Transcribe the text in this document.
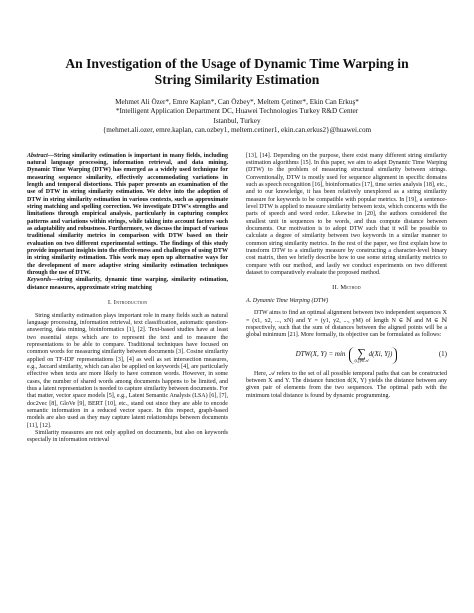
An Investigation of the Usage of Dynamic Time Warping in String Similarity Estimation
Mehmet Ali Özer*, Emre Kaplan*, Can Özbey*, Meltem Çetiner*, Ekin Can Erkuş*
*Intelligent Application Department DC, Huawei Technologies Turkey R&D Center
Istanbul, Turkey
{mehmet.ali.ozer, emre.kaplan, can.ozbey1, meltem.cetiner1, ekin.can.erkus2}@huawei.com

Abstract—String similarity estimation is important in many fields, including natural language processing, information retrieval, and data mining. Dynamic Time Warping (DTW) has emerged as a widely used technique for measuring sequence similarity, effectively accommodating variations in length and temporal distortions. This paper presents an examination of the use of DTW in string similarity estimation. We delve into the adoption of DTW in string similarity estimation in various contexts, such as approximate string matching and spelling correction. We investigate DTW's strengths and limitations through empirical analysis, particularly in capturing complex patterns and variations within strings, while taking into account factors such as adaptability and robustness. Furthermore, we discuss the impact of various traditional similarity metrics in comparison with DTW based on their evaluation on two different experimental settings. The findings of this study provide important insights into the effectiveness and challenges of using DTW in string similarity estimation. This work may open up alternative ways for the development of more adaptive string similarity estimation techniques through the use of DTW.

Keywords—string similarity, dynamic time warping, similarity estimation, distance measures, approximate string matching

I. Introduction

String similarity estimation plays important role in many fields such as natural language processing, information retrieval, text classification, automatic question-answering, data mining, bioinformatics [1], [2]. Text-based studies have at least two essential steps which are to represent the text and to measure the representations to be able to compare. Traditional techniques have focused on common words for measuring similarity between documents [3]. Cosine similarity applied on TF-IDF representations [3], [4] as well as set intersection measures, e.g., Jaccard similarity, which can also be applied on keywords [4], are particularly effective when texts are more likely to have common words. However, in some cases, the number of shared words among documents happens to be limited, and thus a latent representation is needed to capture similarity between documents. For that matter, vector space models [5], e.g., Latent Semantic Analysis (LSA) [6], [7], doc2vec [8], GloVe [9], BERT [10], etc., stand out since they are able to encode semantic information in a reduced vector space. In this respect, graph-based models are also used as they may capture latent relationships between documents [11], [12].

Similarity measures are not only applied on documents, but also on keywords especially in information retrieval

[13], [14]. Depending on the purpose, there exist many different string similarity estimation algorithms [15]. In this paper, we aim to adapt Dynamic Time Warping (DTW) to the problem of measuring structural similarity between strings. Conventionally, DTW is mostly used for sequence alignment in specific domains such as speech recognition [16], bioinformatics [17], time series analysis [18], etc., and to our knowledge, it has been relatively unexplored as a string similarity measure for keywords to be compatible with popular metrics. In [19], a sentence-level DTW is applied to measure similarity between texts, which concerns with the parts of speech and word order. Likewise in [20], the authors considered the smallest unit in sequences to be words, and thus compute distance between documents. Our motivation is to adopt DTW such that it will be possible to calculate a degree of similarity between two keywords in a similar manner to common string similarity metrics. In the rest of the paper, we first explain how to transform DTW to a similarity measure by constructing a character-level binary cost matrix, then we briefly describe how to use some string similarity metrics to compare with our method, and lastly we conduct experiments on two different dataset to comparatively evaluate the proposed method.

II. Method
A. Dynamic Time Warping (DTW)

DTW aims to find an optimal alignment between two independent sequences X = (x1, x2, ..., xN) and Y = (y1, y2, ..., yM) of length N ∈ ℕ and M ∈ ℕ respectively, such that the sum of distances between the aligned points will be a global minimum [21]. More formally, its objective can be formulated as follows:

DTW(X, Y) = min ∑
(i,j)∈𝒜
d(Xi, Yj)	(1)

Here, 𝒜 refers to the set of all possible temporal paths that can be constructed between X and Y. The distance function d(X, Y) yields the distance between any given pair of elements from the two sequences. The optimal path with the minimum total distance is found by dynamic programming.
